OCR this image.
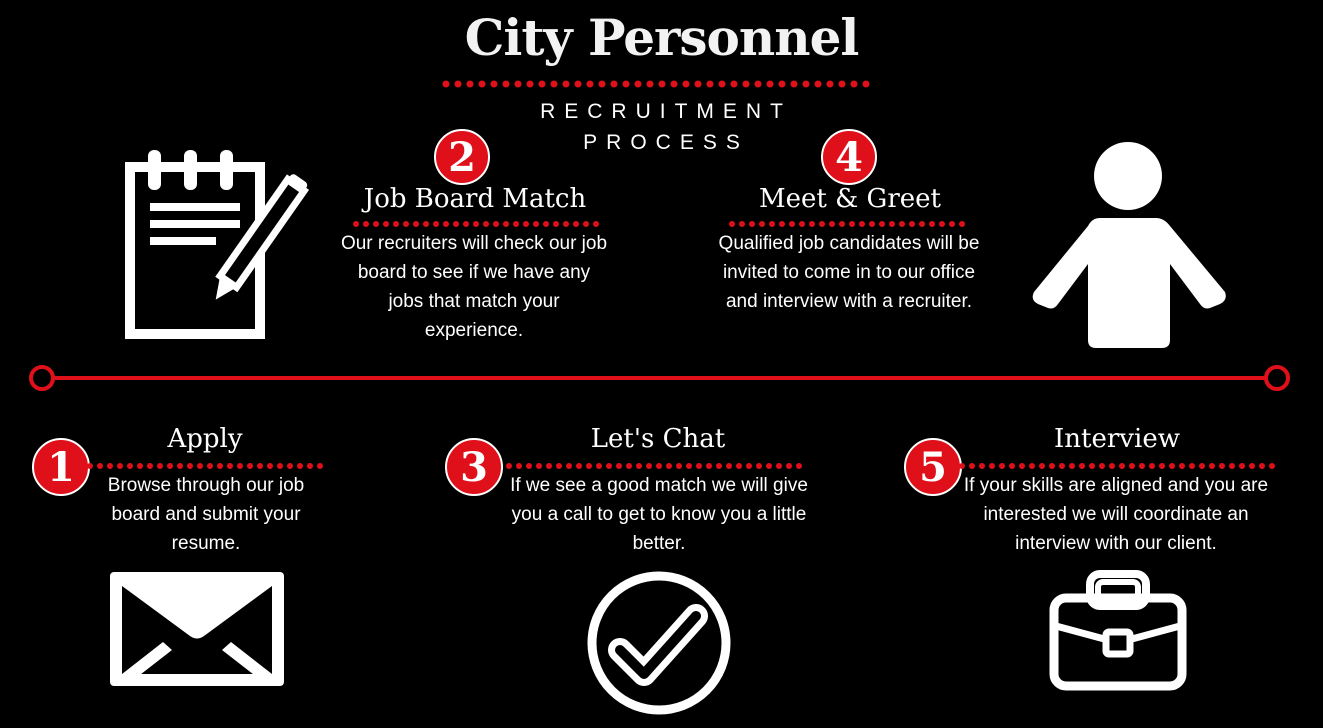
City Personnel
RECRUITMENT
PROCESS
2
Job Board Match
Our recruiters will check our job board to see if we have any jobs that match your experience.
4
Meet & Greet
Qualified job candidates will be invited to come in to our office and interview with a recruiter.
1
Apply
Browse through our job board and submit your resume.
3
Let's Chat
If we see a good match we will give you a call to get to know you a little better.
5
Interview
If your skills are aligned and you are interested we will coordinate an interview with our client.
